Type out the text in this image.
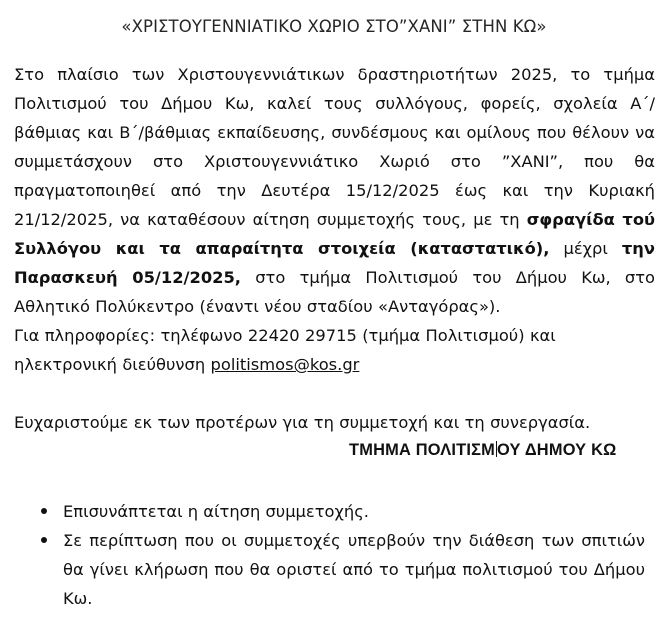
«ΧΡΙΣΤΟΥΓΕΝΝΙΑΤΙΚΟ ΧΩΡΙΟ ΣΤΟ”ΧΑΝΙ” ΣΤΗΝ ΚΩ»

Στο πλαίσιο των Χριστουγεννιάτικων δραστηριοτήτων 2025, το τμήμα Πολιτισμού του Δήμου Κω, καλεί τους συλλόγους, φορείς, σχολεία Α΄/βάθμιας και Β΄/βάθμιας εκπαίδευσης, συνδέσμους και ομίλους που θέλουν να συμμετάσχουν στο Χριστουγεννιάτικο Χωριό στο ”ΧΑΝΙ”, που θα πραγματοποιηθεί από την Δευτέρα 15/12/2025 έως και την Κυριακή 21/12/2025, να καταθέσουν αίτηση συμμετοχής τους, με τη σφραγίδα τού Συλλόγου και τα απαραίτητα στοιχεία (καταστατικό), μέχρι την Παρασκευή 05/12/2025, στο τμήμα Πολιτισμού του Δήμου Κω, στο Αθλητικό Πολύκεντρο (έναντι νέου σταδίου «Ανταγόρας»).

Για πληροφορίες: τηλέφωνο 22420 29715 (τμήμα Πολιτισμού) και ηλεκτρονική διεύθυνση politismos@kos.gr

Ευχαριστούμε εκ των προτέρων για τη συμμετοχή και τη συνεργασία.

ΤΜΗΜΑ ΠΟΛΙΤΙΣΜ ΟΥ ΔΗΜΟΥ ΚΩ
Επισυνάπτεται η αίτηση συμμετοχής.
Σε περίπτωση που οι συμμετοχές υπερβούν την διάθεση των σπιτιών θα γίνει κλήρωση που θα οριστεί από το τμήμα πολιτισμού του Δήμου Κω.
